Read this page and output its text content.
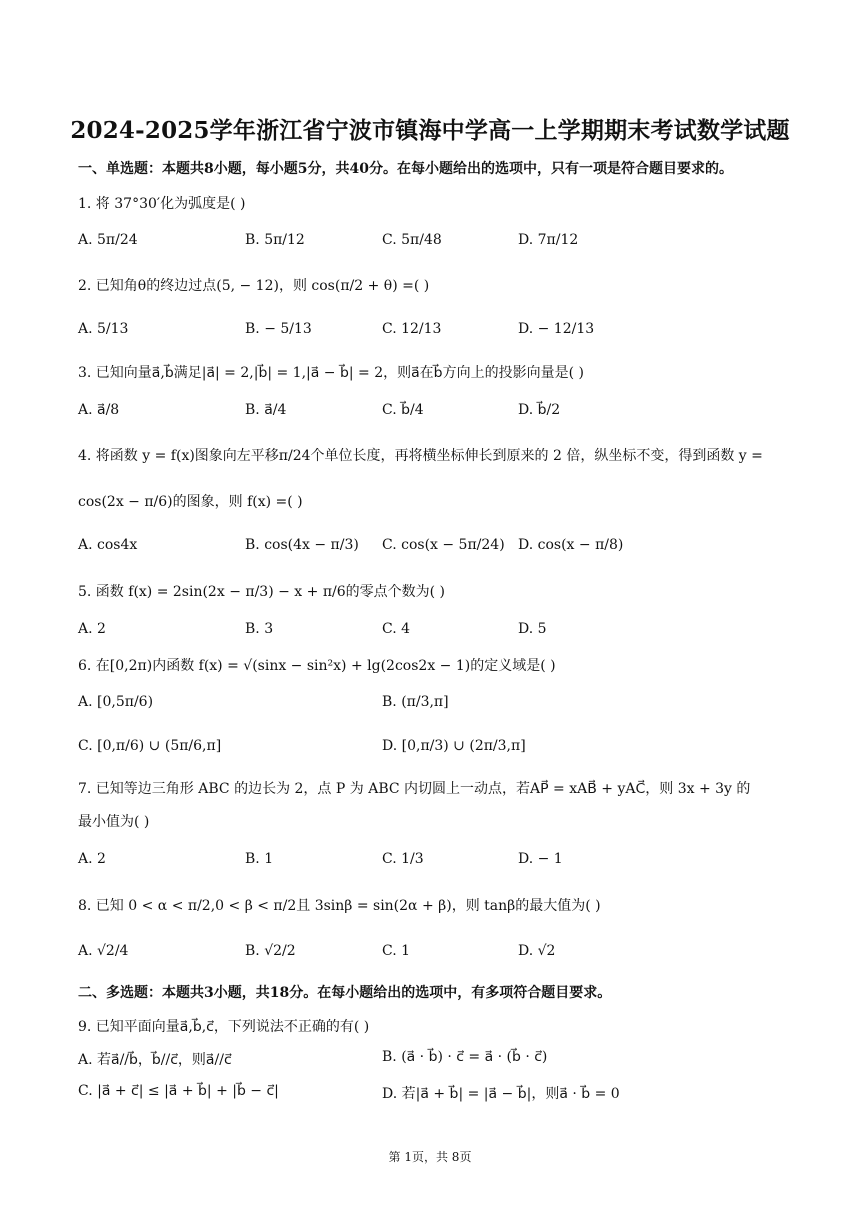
2024-2025学年浙江省宁波市镇海中学高一上学期期末考试数学试题
一、单选题：本题共8小题，每小题5分，共40分。在每小题给出的选项中，只有一项是符合题目要求的。
1. 将 37°30′化为弧度是( )
A. 5π/24	B. 5π/12	C. 5π/48	D. 7π/12
2. 已知角θ的终边过点(5, − 12)，则 cos(π/2 + θ) =( )
A. 5/13	B. − 5/13	C. 12/13	D. − 12/13
3. 已知向量a⃗,b⃗满足|a⃗| = 2,|b⃗| = 1,|a⃗ − b⃗| = 2，则a⃗在b⃗方向上的投影向量是( )
A. a⃗/8	B. a⃗/4	C. b⃗/4	D. b⃗/2
4. 将函数 y = f(x)图象向左平移π/24个单位长度，再将横坐标伸长到原来的 2 倍，纵坐标不变，得到函数 y =
cos(2x − π/6)的图象，则 f(x) =( )
A. cos4x	B. cos(4x − π/3) C. cos(x − 5π/24) D. cos(x − π/8)
5. 函数 f(x) = 2sin(2x − π/3) − x + π/6的零点个数为( )
A. 2	B. 3	C. 4	D. 5
6. 在[0,2π)内函数 f(x) = √(sinx − sin²x) + lg(2cos2x − 1)的定义域是( )
A. [0,5π/6)	B. (π/3,π]
C. [0,π/6) ∪ (5π/6,π]	D. [0,π/3) ∪ (2π/3,π]
7. 已知等边三角形 ABC 的边长为 2，点 P 为 ABC 内切圆上一动点，若AP⃗ = xAB⃗ + yAC⃗，则 3x + 3y 的
最小值为( )
A. 2	B. 1	C. 1/3	D. − 1
8. 已知 0 < α < π/2,0 < β < π/2且 3sinβ = sin(2α + β)，则 tanβ的最大值为( )
A. √2/4	B. √2/2	C. 1	D. √2
二、多选题：本题共3小题，共18分。在每小题给出的选项中，有多项符合题目要求。
9. 已知平面向量a⃗,b⃗,c⃗，下列说法不正确的有( )
A. 若a⃗//b⃗，b⃗//c⃗，则a⃗//c⃗	B. (a⃗ · b⃗) · c⃗ = a⃗ · (b⃗ · c⃗)
C. |a⃗ + c⃗| ≤ |a⃗ + b⃗| + |b⃗ − c⃗|	D. 若|a⃗ + b⃗| = |a⃗ − b⃗|，则a⃗ · b⃗ = 0
第 1页，共 8页
